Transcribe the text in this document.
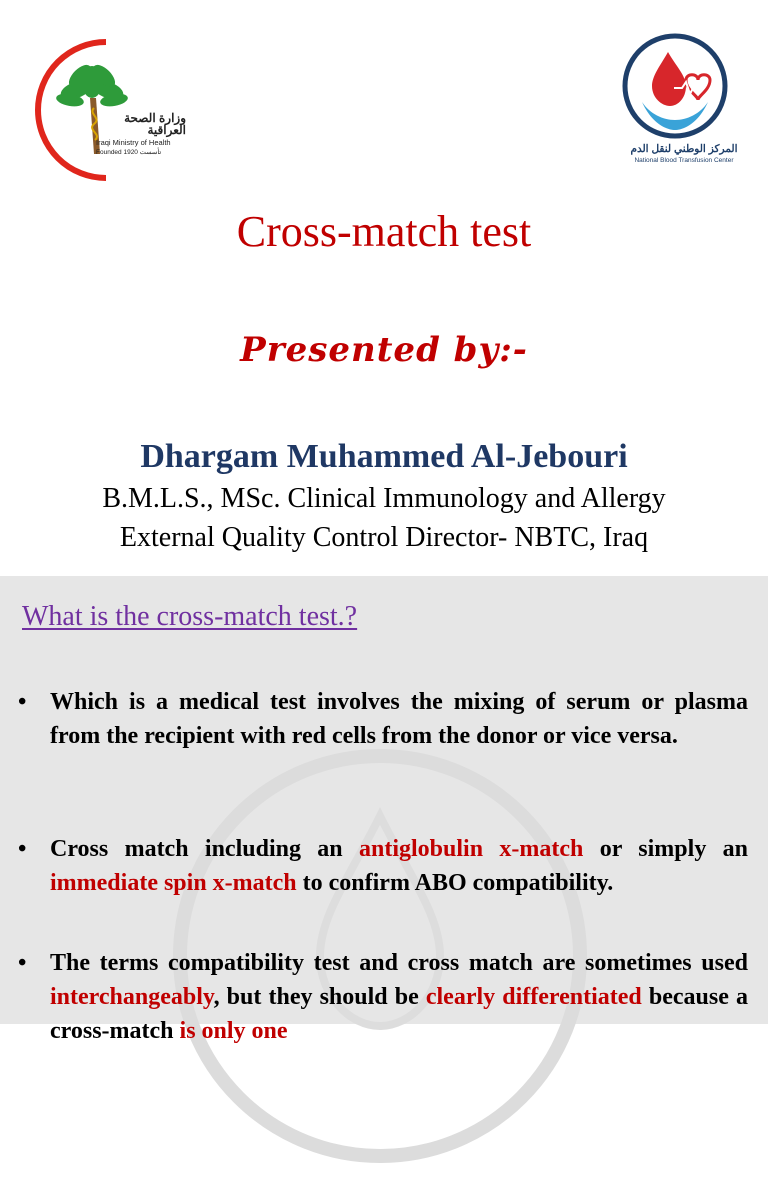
وزارة الصحة العراقية
Iraqi Ministry of Health
Founded 1920 تأسست	المركز الوطني لنقل الدم
National Blood Transfusion Center
Cross-match test
Presented by:-
Dhargam Muhammed Al-Jebouri
B.M.L.S., MSc. Clinical Immunology and Allergy
External Quality Control Director- NBTC, Iraq
What is the cross-match test.?
• Which is a medical test involves the mixing of serum or plasma from the recipient with red cells from the donor or vice versa.
• Cross match including an antiglobulin x-match or simply an immediate spin x-match to confirm ABO compatibility.
• The terms compatibility test and cross match are sometimes used interchangeably, but they should be clearly differentiated because a cross-match is only one
